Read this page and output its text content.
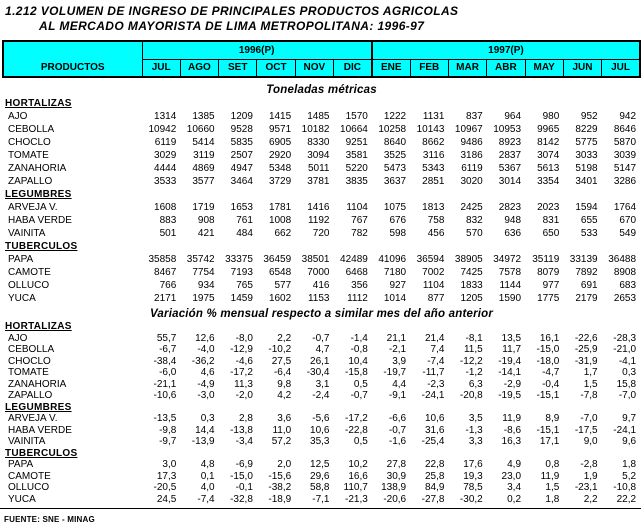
1.212 VOLUMEN DE INGRESO DE PRINCIPALES PRODUCTOS AGRICOLAS
AL MERCADO MAYORISTA DE LIMA METROPOLITANA: 1996-97
PRODUCTOS	1996(P)						1997(P)						
	JUL	AGO	SET	OCT	NOV	DIC	ENE	FEB	MAR	ABR	MAY	JUN	JUL
Toneladas métricas													
HORTALIZAS													
AJO	1314	1385	1209	1415	1485	1570	1222	1131	837	964	980	952	942
CEBOLLA	10942	10660	9528	9571	10182	10664	10258	10143	10967	10953	9965	8229	8646
CHOCLO	6119	5414	5835	6905	8330	9251	8640	8662	9486	8923	8142	5775	5870
TOMATE	3029	3119	2507	2920	3094	3581	3525	3116	3186	2837	3074	3033	3039
ZANAHORIA	4444	4869	4947	5348	5011	5220	5473	5343	6119	5367	5613	5198	5147
ZAPALLO	3533	3577	3464	3729	3781	3835	3637	2851	3020	3014	3354	3401	3286
LEGUMBRES													
ARVEJA V.	1608	1719	1653	1781	1416	1104	1075	1813	2425	2823	2023	1594	1764
HABA VERDE	883	908	761	1008	1192	767	676	758	832	948	831	655	670
VAINITA	501	421	484	662	720	782	598	456	570	636	650	533	549
TUBERCULOS													
PAPA	35858	35742	33375	36459	38501	42489	41096	36594	38905	34972	35119	33139	36488
CAMOTE	8467	7754	7193	6548	7000	6468	7180	7002	7425	7578	8079	7892	8908
OLLUCO	766	934	765	577	416	356	927	1104	1833	1144	977	691	683
YUCA	2171	1975	1459	1602	1153	1112	1014	877	1205	1590	1775	2179	2653
Variación % mensual respecto a similar mes del año anterior													
HORTALIZAS													
AJO	55,7	12,6	-8,0	2,2	-0,7	-1,4	21,1	21,4	-8,1	13,5	16,1	-22,6	-28,3
CEBOLLA	-6,7	-4,0	-12,9	-10,2	4,7	-0,8	-2,1	7,4	11,5	11,7	-15,0	-25,9	-21,0
CHOCLO	-38,4	-36,2	-4,6	27,5	26,1	10,4	3,9	-7,4	-12,2	-19,4	-18,0	-31,9	-4,1
TOMATE	-6,0	4,6	-17,2	-6,4	-30,4	-15,8	-19,7	-11,7	-1,2	-14,1	-4,7	1,7	0,3
ZANAHORIA	-21,1	-4,9	11,3	9,8	3,1	0,5	4,4	-2,3	6,3	-2,9	-0,4	1,5	15,8
ZAPALLO	-10,6	-3,0	-2,0	4,2	-2,4	-0,7	-9,1	-24,1	-20,8	-19,5	-15,1	-7,8	-7,0
LEGUMBRES													
ARVEJA V.	-13,5	0,3	2,8	3,6	-5,6	-17,2	-6,6	10,6	3,5	11,9	8,9	-7,0	9,7
HABA VERDE	-9,8	14,4	-13,8	11,0	10,6	-22,8	-0,7	31,6	-1,3	-8,6	-15,1	-17,5	-24,1
VAINITA	-9,7	-13,9	-3,4	57,2	35,3	0,5	-1,6	-25,4	3,3	16,3	17,1	9,0	9,6
TUBERCULOS													
PAPA	3,0	4,8	-6,9	2,0	12,5	10,2	27,8	22,8	17,6	4,9	0,8	-2,8	1,8
CAMOTE	17,3	0,1	-15,0	-15,6	29,6	16,6	30,9	25,8	19,3	23,0	11,9	1,9	5,2
OLLUCO	-20,5	4,0	-0,1	-38,2	58,8	110,7	138,9	84,9	78,5	3,4	1,5	-23,1	-10,8
YUCA	24,5	-7,4	-32,8	-18,9	-7,1	-21,3	-20,6	-27,8	-30,2	0,2	1,8	2,2	22,2
FUENTE: SNE - MINAG
